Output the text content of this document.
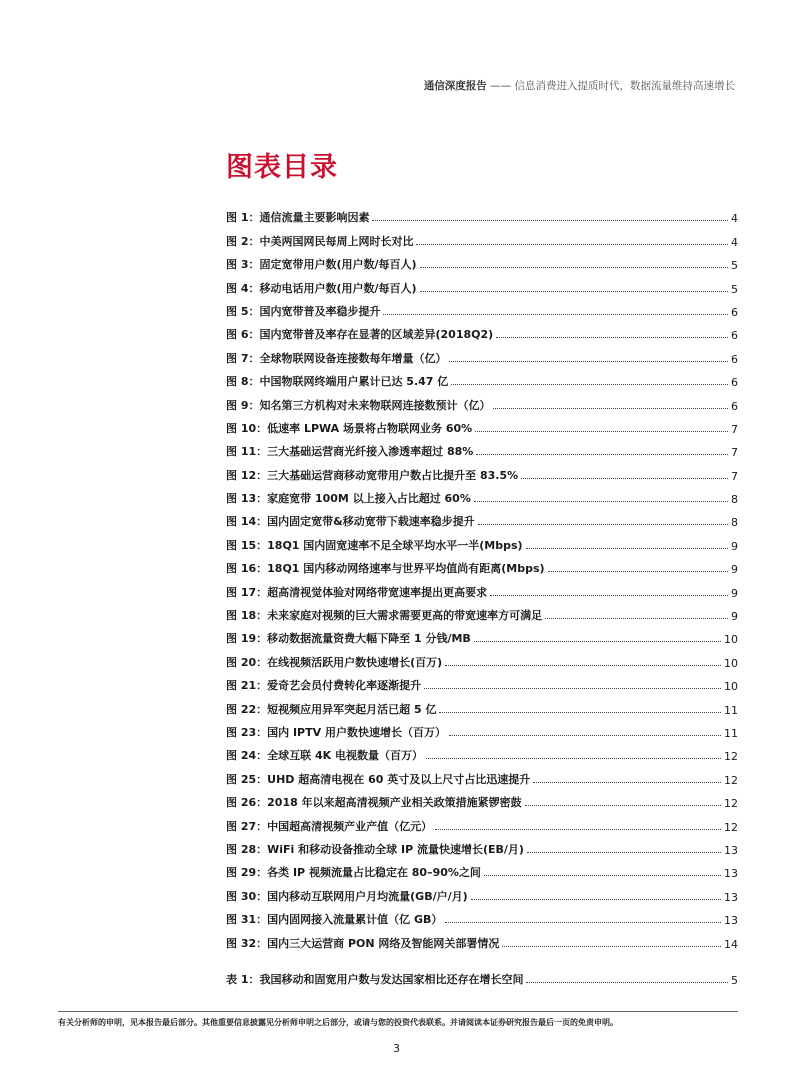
通信深度报告 —— 信息消费进入提质时代，数据流量维持高速增长
图表目录
图 1：通信流量主要影响因素	4
图 2：中美两国网民每周上网时长对比	4
图 3：固定宽带用户数(用户数/每百人)	5
图 4：移动电话用户数(用户数/每百人)	5
图 5：国内宽带普及率稳步提升	6
图 6：国内宽带普及率存在显著的区域差异(2018Q2)	6
图 7：全球物联网设备连接数每年增量（亿）	6
图 8：中国物联网终端用户累计已达 5.47 亿	6
图 9：知名第三方机构对未来物联网连接数预计（亿）	6
图 10：低速率 LPWA 场景将占物联网业务 60%	7
图 11：三大基础运营商光纤接入渗透率超过 88%	7
图 12：三大基础运营商移动宽带用户数占比提升至 83.5%	7
图 13：家庭宽带 100M 以上接入占比超过 60%	8
图 14：国内固定宽带&移动宽带下载速率稳步提升	8
图 15：18Q1 国内固宽速率不足全球平均水平一半(Mbps)	9
图 16：18Q1 国内移动网络速率与世界平均值尚有距离(Mbps)	9
图 17：超高清视觉体验对网络带宽速率提出更高要求	9
图 18：未来家庭对视频的巨大需求需要更高的带宽速率方可满足	9
图 19：移动数据流量资费大幅下降至 1 分钱/MB	10
图 20：在线视频活跃用户数快速增长(百万)	10
图 21：爱奇艺会员付费转化率逐渐提升	10
图 22：短视频应用异军突起月活已超 5 亿	11
图 23：国内 IPTV 用户数快速增长（百万）	11
图 24：全球互联 4K 电视数量（百万）	12
图 25：UHD 超高清电视在 60 英寸及以上尺寸占比迅速提升	12
图 26：2018 年以来超高清视频产业相关政策措施紧锣密鼓	12
图 27：中国超高清视频产业产值（亿元）	12
图 28：WiFi 和移动设备推动全球 IP 流量快速增长(EB/月)	13
图 29：各类 IP 视频流量占比稳定在 80–90%之间	13
图 30：国内移动互联网用户月均流量(GB/户/月)	13
图 31：国内固网接入流量累计值（亿 GB）	13
图 32：国内三大运营商 PON 网络及智能网关部署情况	14
表 1：我国移动和固宽用户数与发达国家相比还存在增长空间	5
有关分析师的申明，见本报告最后部分。其他重要信息披露见分析师申明之后部分，或请与您的投资代表联系。并请阅读本证券研究报告最后一页的免责申明。
3
